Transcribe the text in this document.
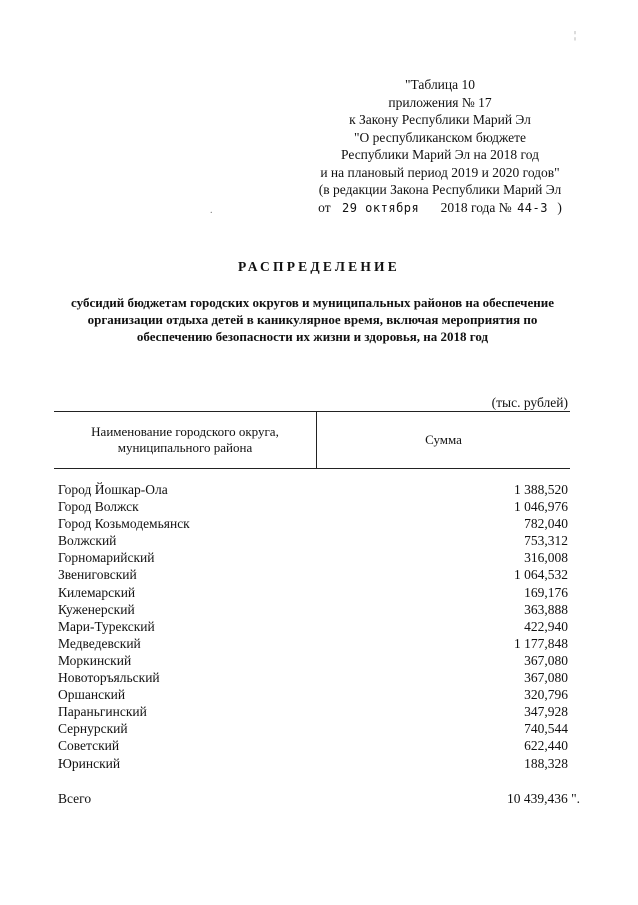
"Таблица 10
приложения № 17
к Закону Республики Марий Эл
"О республиканском бюджете
Республики Марий Эл на 2018 год
и на плановый период 2019 и 2020 годов"
(в редакции Закона Республики Марий Эл
от 29 октября 2018 года № 44-З )
РАСПРЕДЕЛЕНИЕ
субсидий бюджетам городских округов и муниципальных районов на обеспечение
организации отдыха детей в каникулярное время, включая мероприятия по
обеспечению безопасности их жизни и здоровья, на 2018 год
(тыс. рублей)
Наименование городского округа,
муниципального района
Сумма
Город Йошкар-Ола	1 388,520
Город Волжск	1 046,976
Город Козьмодемьянск	782,040
Волжский	753,312
Горномарийский	316,008
Звениговский	1 064,532
Килемарский	169,176
Куженерский	363,888
Мари-Турекский	422,940
Медведевский	1 177,848
Моркинский	367,080
Новоторъяльский	367,080
Оршанский	320,796
Параньгинский	347,928
Сернурский	740,544
Советский	622,440
Юринский	188,328
Всего	10 439,436 ".
¦
.
